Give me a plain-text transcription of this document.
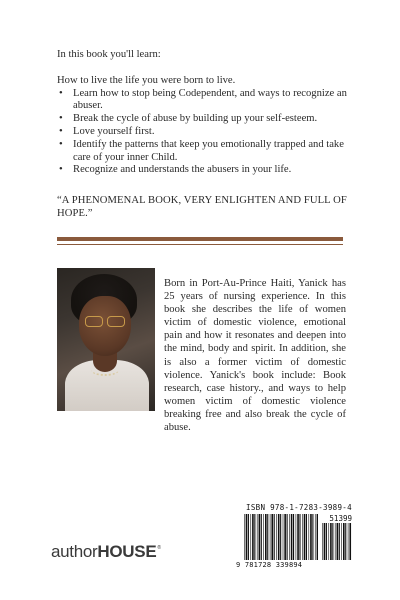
In this book you'll learn:

How to live the life you were born to live.

• Learn how to stop being Codependent, and ways to recognize an abuser.
• Break the cycle of abuse by building up your self-esteem.
• Love yourself first.
• Identify the patterns that keep you emotionally trapped and take care of your inner Child.
• Recognize and understands the abusers in your life.

“A PHENOMENAL BOOK, VERY ENLIGHTEN AND FULL OF HOPE.”

Born in Port-Au-Prince Haiti, Yanick has 25 years of nursing experience. In this book she describes the life of women victim of domestic violence, emotional pain and how it resonates and deepen into the mind, body and spirit. In addition, she is also a former victim of domestic violence. Yanick's book include: Book research, case history., and ways to help women victim of domestic violence breaking free and also break the cycle of abuse.

ISBN 978-1-7283-3989-4
51399
9 781728 339894
authorHOUSE®
